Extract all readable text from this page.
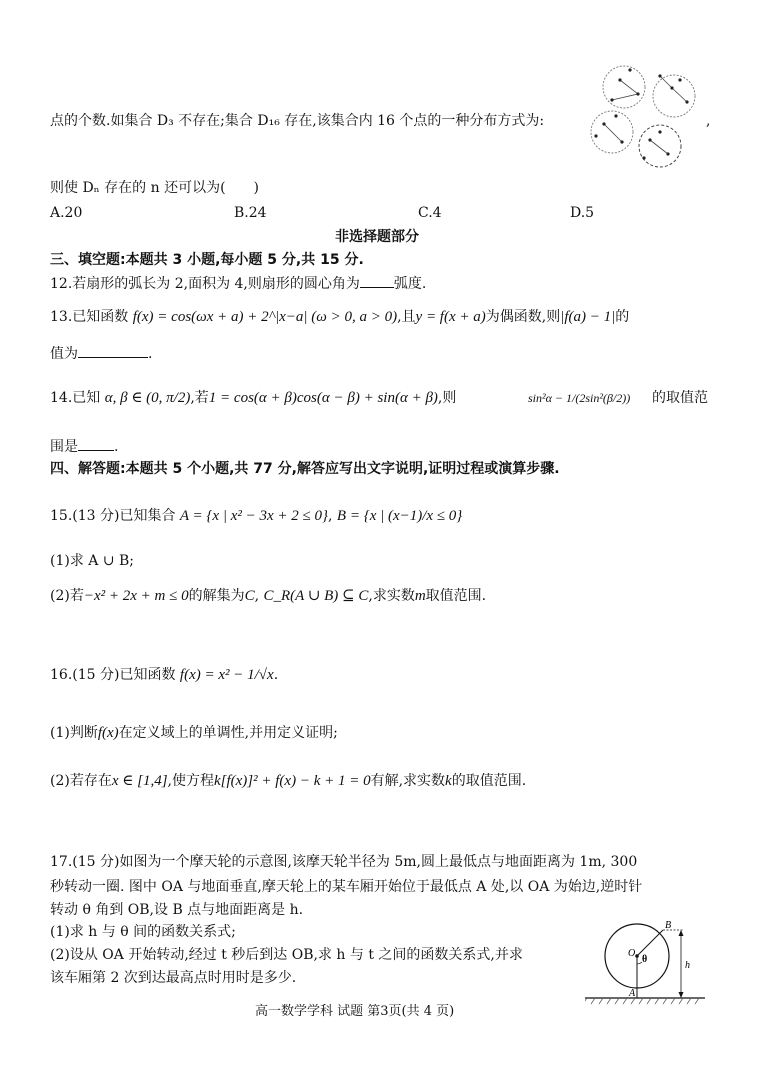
点的个数.如集合 D₃ 不存在;集合 D₁₆ 存在,该集合内 16 个点的一种分布方式为:	,
则使 Dₙ 存在的 n 还可以为(　　)
A.20	B.24	C.4	D.5
非选择题部分
三、填空题:本题共 3 小题,每小题 5 分,共 15 分.
12.若扇形的弧长为 2,面积为 4,则扇形的圆心角为 弧度.
13.已知函数 f(x) = cos(ωx + a) + 2^|x−a| (ω > 0, a > 0),且y = f(x + a)为偶函数,则|f(a) − 1|的
值为	.
14.已知 α, β ∈ (0, π/2),若1 = cos(α + β)cos(α − β) + sin(α + β),则	sin²α − 1/(2sin²(β/2)) 的取值范
围是	.
四、解答题:本题共 5 个小题,共 77 分,解答应写出文字说明,证明过程或演算步骤.
15.(13 分)已知集合 A = {x | x² − 3x + 2 ≤ 0}, B = {x | (x−1)/x ≤ 0}
(1)求 A ∪ B;
(2)若−x² + 2x + m ≤ 0的解集为C, C_R(A ∪ B) ⊆ C,求实数m取值范围.
16.(15 分)已知函数 f(x) = x² − 1/√x.
(1)判断f(x)在定义域上的单调性,并用定义证明;
(2)若存在x ∈ [1,4],使方程k[f(x)]² + f(x) − k + 1 = 0有解,求实数k的取值范围.
17.(15 分)如图为一个摩天轮的示意图,该摩天轮半径为 5m,圆上最低点与地面距离为 1m, 300
秒转动一圈. 图中 OA 与地面垂直,摩天轮上的某车厢开始位于最低点 A 处,以 OA 为始边,逆时针
转动 θ 角到 OB,设 B 点与地面距离是 h.
(1)求 h 与 θ 间的函数关系式;
(2)设从 OA 开始转动,经过 t 秒后到达 OB,求 h 与 t 之间的函数关系式,并求
该车厢第 2 次到达最高点时用时是多少.
B
O
θ
h
A
高一数学学科 试题 第3页(共 4 页)
